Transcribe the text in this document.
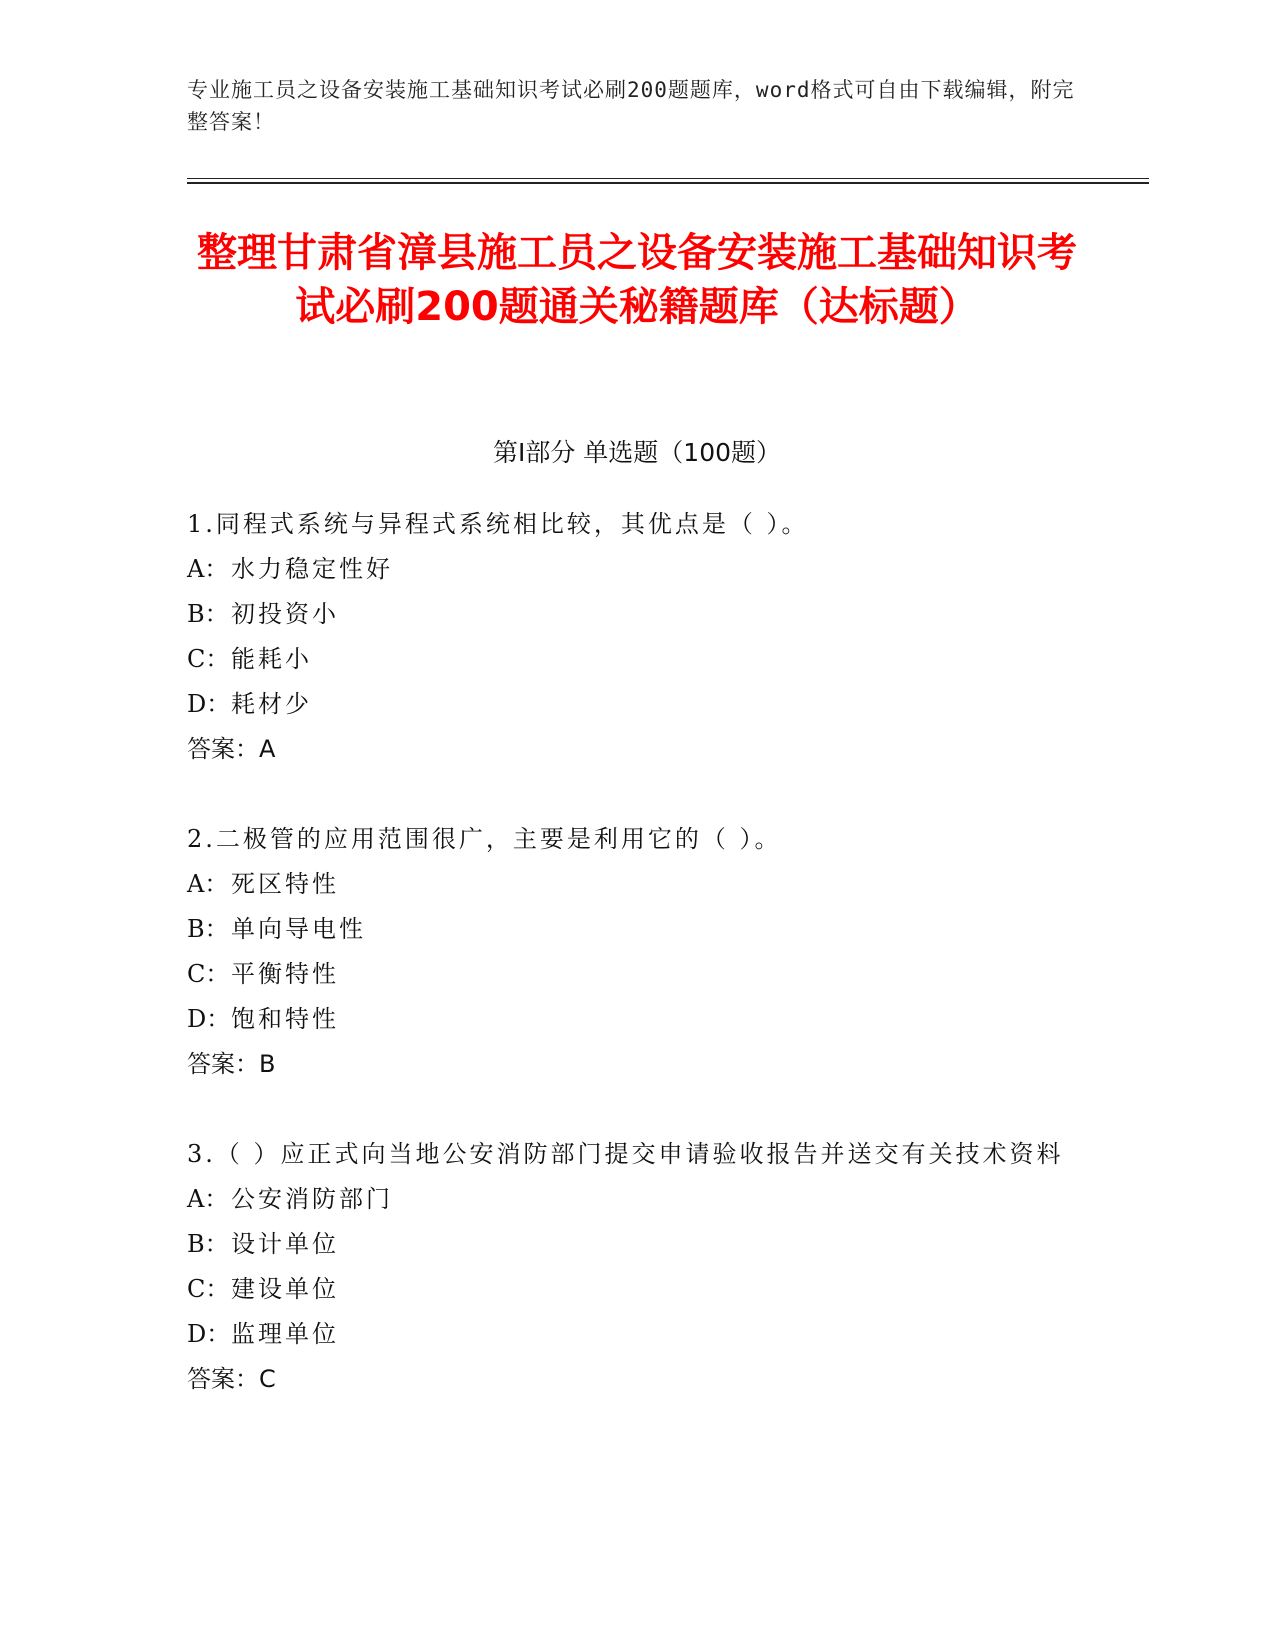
专业施工员之设备安装施工基础知识考试必刷200题题库，word格式可自由下载编辑，附完整答案！
整理甘肃省漳县施工员之设备安装施工基础知识考试必刷200题通关秘籍题库（达标题）
第I部分 单选题（100题）
1.同程式系统与异程式系统相比较，其优点是（ ）。
A： 水力稳定性好
B：初投资小
C：能耗小
D：耗材少
答案：A
2.二极管的应用范围很广，主要是利用它的（ ）。
A： 死区特性
B：单向导电性
C：平衡特性
D：饱和特性
答案：B
3.（ ）应正式向当地公安消防部门提交申请验收报告并送交有关技术资料
A： 公安消防部门
B：设计单位
C：建设单位
D：监理单位
答案：C
